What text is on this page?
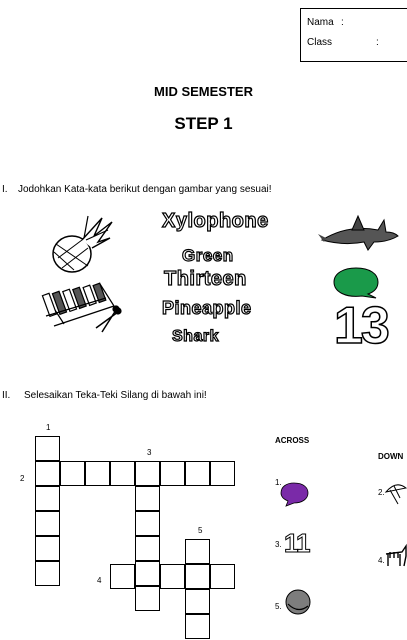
Nama :
Class	:
MID SEMESTER
STEP 1
I. Jodohkan Kata-kata berikut dengan gambar yang sesuai!
Xylophone
Green
Thirteen
Pineapple
Shark 13
II. Selesaikan Teka-Teki Silang di bawah ini!
1
2
3
4
5
ACROSS
DOWN
1.
3. 11
5.
2.
4.
